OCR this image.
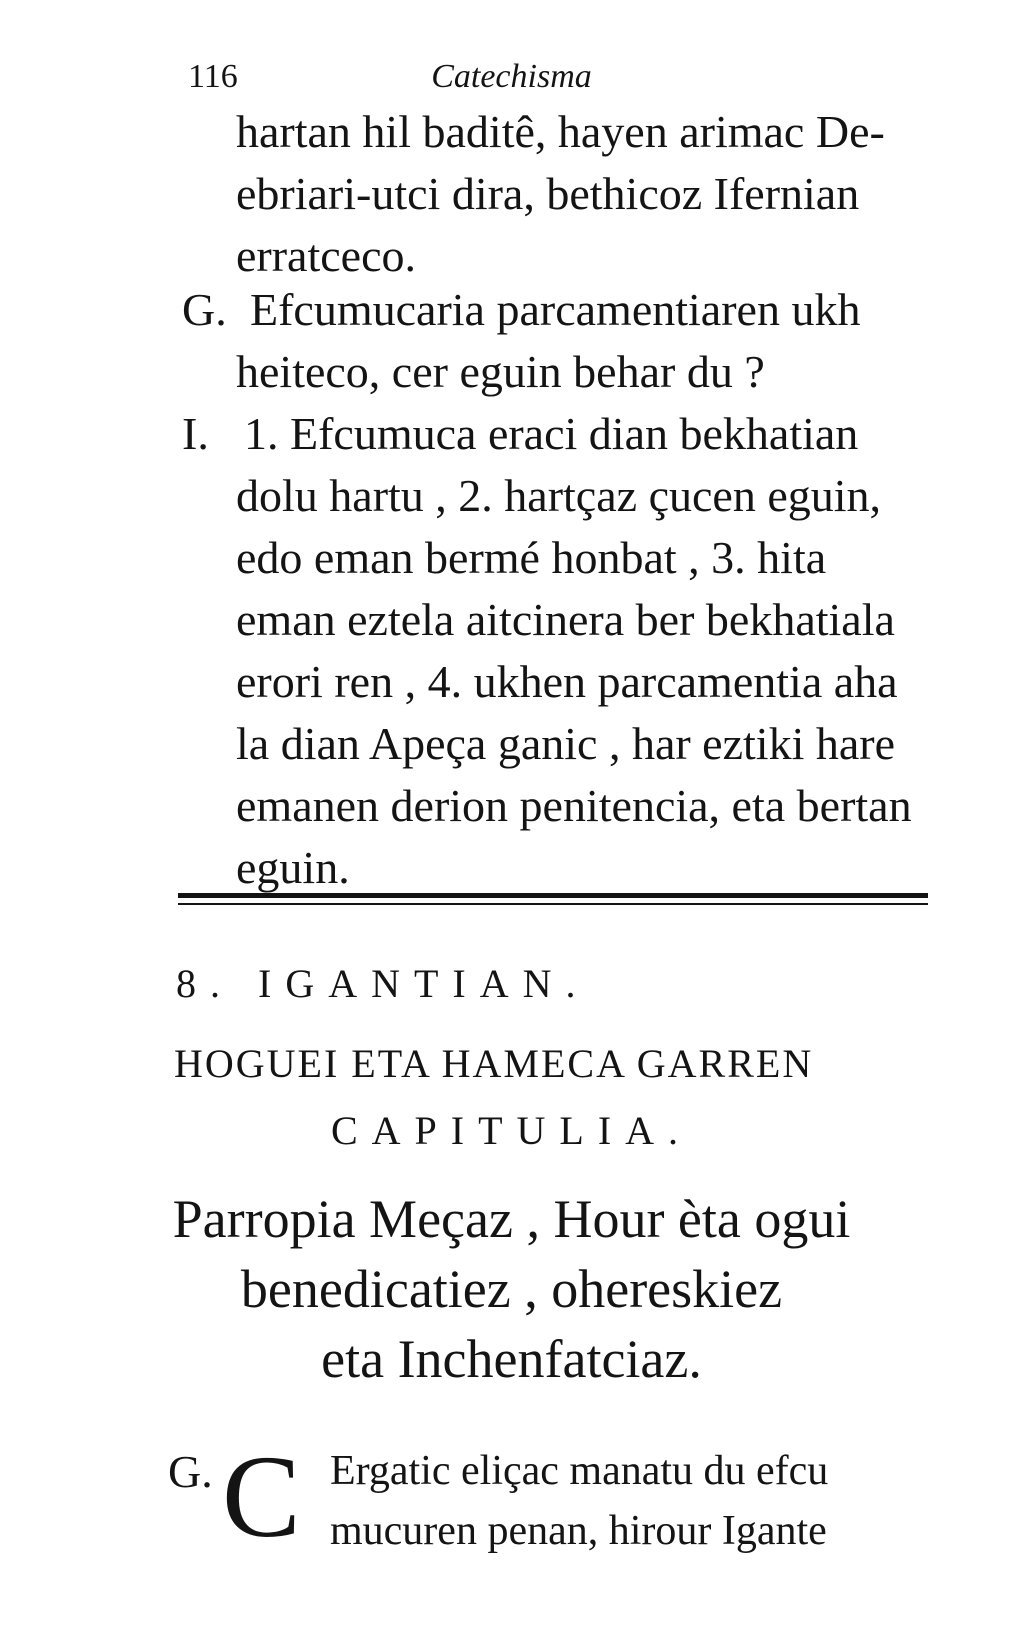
116	Catechisma
hartan hil baditê, hayen arimac De-
ebriari-utci dira, bethicoz Ifernian
erratceco.
G. Efcumucaria parcamentiaren ukh
heiteco, cer eguin behar du ?
I. 1. Efcumuca eraci dian bekhatian
dolu hartu , 2. hartçaz çucen eguin,
edo eman bermé honbat , 3. hita
eman eztela aitcinera ber bekhatiala
erori ren , 4. ukhen parcamentia aha
la dian Apeça ganic , har eztiki hare
emanen derion penitencia, eta bertan
eguin.
8. IGANTIAN.
HOGUEI ETA HAMECA GARREN
CAPITULIA.
Parropia Meçaz , Hour èta ogui
benedicatiez , ohereskiez
eta Inchenfatciaz.
G. C Ergatic eliçac manatu du efcu
mucuren penan, hirour Igante
